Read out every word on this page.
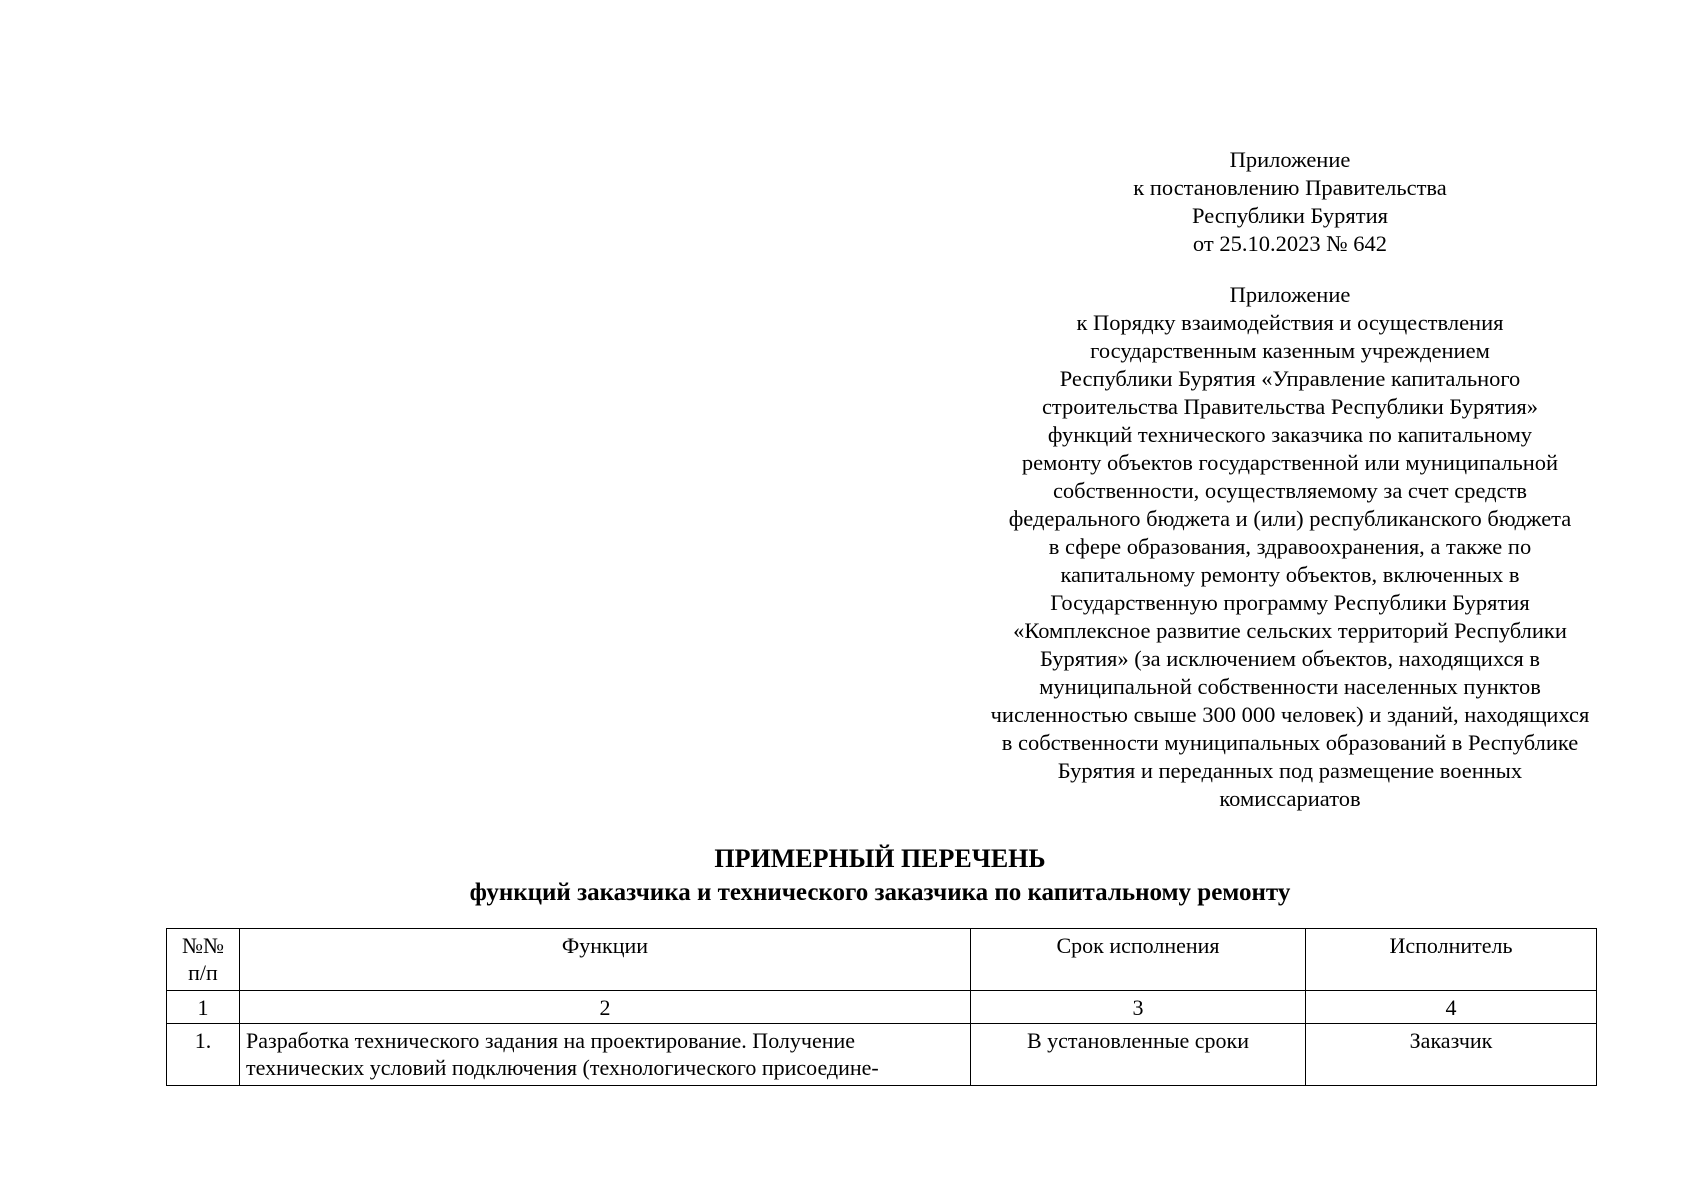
Приложение
к постановлению Правительства
Республики Бурятия
от 25.10.2023 № 642
Приложение
к Порядку взаимодействия и осуществления
государственным казенным учреждением
Республики Бурятия «Управление капитального
строительства Правительства Республики Бурятия»
функций технического заказчика по капитальному
ремонту объектов государственной или муниципальной
собственности, осуществляемому за счет средств
федерального бюджета и (или) республиканского бюджета
в сфере образования, здравоохранения, а также по
капитальному ремонту объектов, включенных в
Государственную программу Республики Бурятия
«Комплексное развитие сельских территорий Республики
Бурятия» (за исключением объектов, находящихся в
муниципальной собственности населенных пунктов
численностью свыше 300 000 человек) и зданий, находящихся
в собственности муниципальных образований в Республике
Бурятия и переданных под размещение военных
комиссариатов
ПРИМЕРНЫЙ ПЕРЕЧЕНЬ
функций заказчика и технического заказчика по капитальному ремонту
№№
п/п	Функции	Срок исполнения	Исполнитель
1	2	3	4
1.	Разработка технического задания на проектирование. Получение
технических условий подключения (технологического присоедине-	В установленные сроки	Заказчик
